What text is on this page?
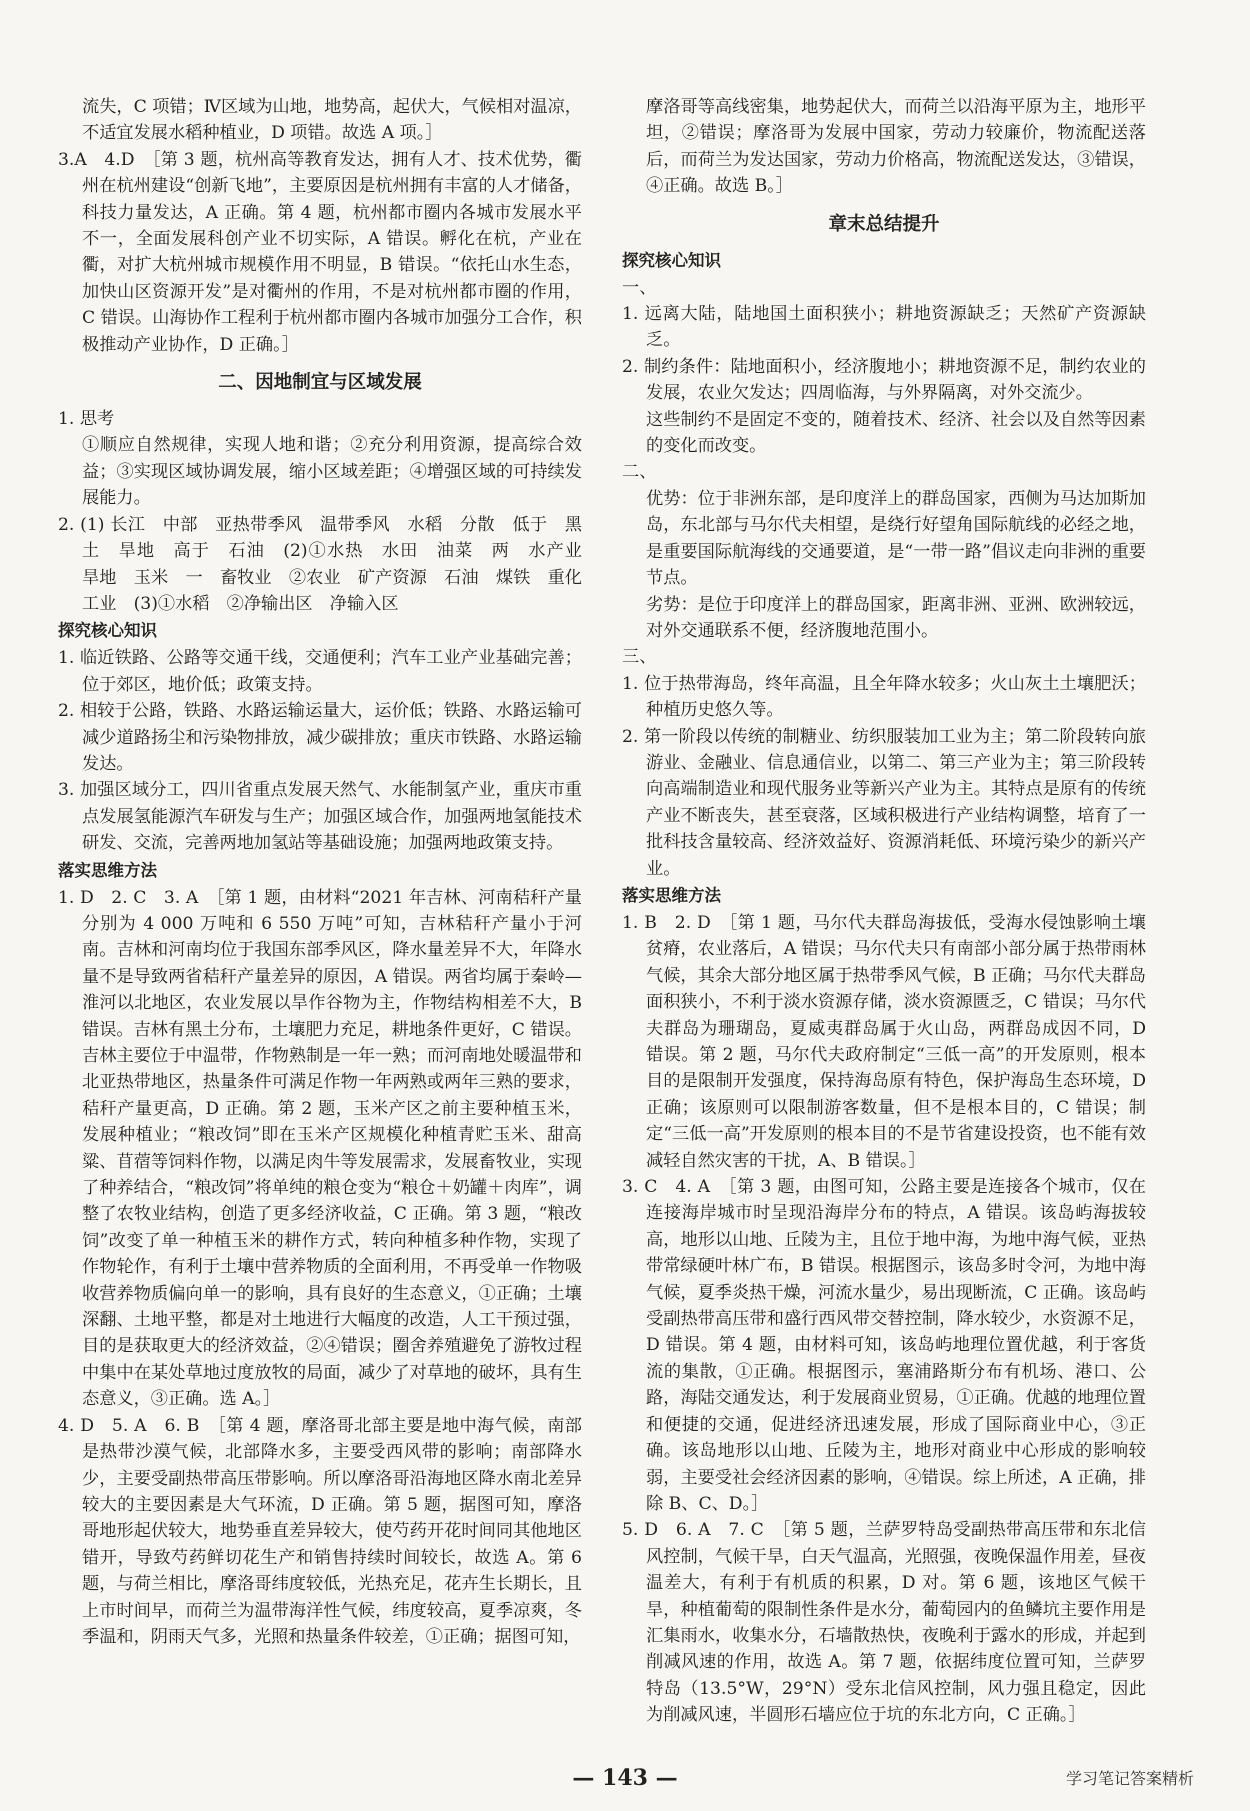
流失，C 项错；Ⅳ区域为山地，地势高，起伏大，气候相对温凉，不适宜发展水稻种植业，D 项错。故选 A 项。］

3.A　4.D　［第 3 题，杭州高等教育发达，拥有人才、技术优势，衢州在杭州建设“创新飞地”，主要原因是杭州拥有丰富的人才储备，科技力量发达，A 正确。第 4 题，杭州都市圈内各城市发展水平不一，全面发展科创产业不切实际，A 错误。孵化在杭，产业在衢，对扩大杭州城市规模作用不明显，B 错误。“依托山水生态，加快山区资源开发”是对衢州的作用，不是对杭州都市圈的作用，C 错误。山海协作工程利于杭州都市圈内各城市加强分工合作，积极推动产业协作，D 正确。］

二、因地制宜与区域发展

1. 思考

①顺应自然规律，实现人地和谐；②充分利用资源，提高综合效益；③实现区域协调发展，缩小区域差距；④增强区域的可持续发展能力。

2. (1) 长江　中部　亚热带季风　温带季风　水稻　分散　低于　黑土　旱地　高于　石油　(2)①水热　水田　油菜　两　水产业　旱地　玉米　一　畜牧业　②农业　矿产资源　石油　煤铁　重化工业　(3)①水稻　②净输出区　净输入区

探究核心知识

1. 临近铁路、公路等交通干线，交通便利；汽车工业产业基础完善；位于郊区，地价低；政策支持。

2. 相较于公路，铁路、水路运输运量大，运价低；铁路、水路运输可减少道路扬尘和污染物排放，减少碳排放；重庆市铁路、水路运输发达。

3. 加强区域分工，四川省重点发展天然气、水能制氢产业，重庆市重点发展氢能源汽车研发与生产；加强区域合作，加强两地氢能技术研发、交流，完善两地加氢站等基础设施；加强两地政策支持。

落实思维方法

1. D　2. C　3. A　［第 1 题，由材料“2021 年吉林、河南秸秆产量分别为 4 000 万吨和 6 550 万吨”可知，吉林秸秆产量小于河南。吉林和河南均位于我国东部季风区，降水量差异不大，年降水量不是导致两省秸秆产量差异的原因，A 错误。两省均属于秦岭—淮河以北地区，农业发展以旱作谷物为主，作物结构相差不大，B 错误。吉林有黑土分布，土壤肥力充足，耕地条件更好，C 错误。吉林主要位于中温带，作物熟制是一年一熟；而河南地处暖温带和北亚热带地区，热量条件可满足作物一年两熟或两年三熟的要求，秸秆产量更高，D 正确。第 2 题，玉米产区之前主要种植玉米，发展种植业；“粮改饲”即在玉米产区规模化种植青贮玉米、甜高粱、苜蓿等饲料作物，以满足肉牛等发展需求，发展畜牧业，实现了种养结合，“粮改饲”将单纯的粮仓变为“粮仓＋奶罐＋肉库”，调整了农牧业结构，创造了更多经济收益，C 正确。第 3 题，“粮改饲”改变了单一种植玉米的耕作方式，转向种植多种作物，实现了作物轮作，有利于土壤中营养物质的全面利用，不再受单一作物吸收营养物质偏向单一的影响，具有良好的生态意义，①正确；土壤深翻、土地平整，都是对土地进行大幅度的改造，人工干预过强，目的是获取更大的经济效益，②④错误；圈舍养殖避免了游牧过程中集中在某处草地过度放牧的局面，减少了对草地的破坏，具有生态意义，③正确。选 A。］

4. D　5. A　6. B　［第 4 题，摩洛哥北部主要是地中海气候，南部是热带沙漠气候，北部降水多，主要受西风带的影响；南部降水少，主要受副热带高压带影响。所以摩洛哥沿海地区降水南北差异较大的主要因素是大气环流，D 正确。第 5 题，据图可知，摩洛哥地形起伏较大，地势垂直差异较大，使芍药开花时间同其他地区错开，导致芍药鲜切花生产和销售持续时间较长，故选 A。第 6 题，与荷兰相比，摩洛哥纬度较低，光热充足，花卉生长期长，且上市时间早，而荷兰为温带海洋性气候，纬度较高，夏季凉爽，冬季温和，阴雨天气多，光照和热量条件较差，①正确；据图可知，

摩洛哥等高线密集，地势起伏大，而荷兰以沿海平原为主，地形平坦，②错误；摩洛哥为发展中国家，劳动力较廉价，物流配送落后，而荷兰为发达国家，劳动力价格高，物流配送发达，③错误，④正确。故选 B。］

章末总结提升
探究核心知识

一、

1. 远离大陆，陆地国土面积狭小；耕地资源缺乏；天然矿产资源缺乏。

2. 制约条件：陆地面积小，经济腹地小；耕地资源不足，制约农业的发展，农业欠发达；四周临海，与外界隔离，对外交流少。

这些制约不是固定不变的，随着技术、经济、社会以及自然等因素的变化而改变。

二、

优势：位于非洲东部，是印度洋上的群岛国家，西侧为马达加斯加岛，东北部与马尔代夫相望，是绕行好望角国际航线的必经之地，是重要国际航海线的交通要道，是“一带一路”倡议走向非洲的重要节点。

劣势：是位于印度洋上的群岛国家，距离非洲、亚洲、欧洲较远，对外交通联系不便，经济腹地范围小。

三、

1. 位于热带海岛，终年高温，且全年降水较多；火山灰土土壤肥沃；种植历史悠久等。

2. 第一阶段以传统的制糖业、纺织服装加工业为主；第二阶段转向旅游业、金融业、信息通信业，以第二、第三产业为主；第三阶段转向高端制造业和现代服务业等新兴产业为主。其特点是原有的传统产业不断丧失，甚至衰落，区域积极进行产业结构调整，培育了一批科技含量较高、经济效益好、资源消耗低、环境污染少的新兴产业。

落实思维方法

1. B　2. D　［第 1 题，马尔代夫群岛海拔低，受海水侵蚀影响土壤贫瘠，农业落后，A 错误；马尔代夫只有南部小部分属于热带雨林气候，其余大部分地区属于热带季风气候，B 正确；马尔代夫群岛面积狭小，不利于淡水资源存储，淡水资源匮乏，C 错误；马尔代夫群岛为珊瑚岛，夏威夷群岛属于火山岛，两群岛成因不同，D 错误。第 2 题，马尔代夫政府制定“三低一高”的开发原则，根本目的是限制开发强度，保持海岛原有特色，保护海岛生态环境，D 正确；该原则可以限制游客数量，但不是根本目的，C 错误；制定“三低一高”开发原则的根本目的不是节省建设投资，也不能有效减轻自然灾害的干扰，A、B 错误。］

3. C　4. A　［第 3 题，由图可知，公路主要是连接各个城市，仅在连接海岸城市时呈现沿海岸分布的特点，A 错误。该岛屿海拔较高，地形以山地、丘陵为主，且位于地中海，为地中海气候，亚热带常绿硬叶林广布，B 错误。根据图示，该岛多时令河，为地中海气候，夏季炎热干燥，河流水量少，易出现断流，C 正确。该岛屿受副热带高压带和盛行西风带交替控制，降水较少，水资源不足，D 错误。第 4 题，由材料可知，该岛屿地理位置优越，利于客货流的集散，①正确。根据图示，塞浦路斯分布有机场、港口、公路，海陆交通发达，利于发展商业贸易，①正确。优越的地理位置和便捷的交通，促进经济迅速发展，形成了国际商业中心，③正确。该岛地形以山地、丘陵为主，地形对商业中心形成的影响较弱，主要受社会经济因素的影响，④错误。综上所述，A 正确，排除 B、C、D。］

5. D　6. A　7. C　［第 5 题，兰萨罗特岛受副热带高压带和东北信风控制，气候干旱，白天气温高，光照强，夜晚保温作用差，昼夜温差大，有利于有机质的积累，D 对。第 6 题，该地区气候干旱，种植葡萄的限制性条件是水分，葡萄园内的鱼鳞坑主要作用是汇集雨水，收集水分，石墙散热快，夜晚利于露水的形成，并起到削减风速的作用，故选 A。第 7 题，依据纬度位置可知，兰萨罗特岛（13.5°W，29°N）受东北信风控制，风力强且稳定，因此为削减风速，半圆形石墙应位于坑的东北方向，C 正确。］

— 143 —	学习笔记答案精析
